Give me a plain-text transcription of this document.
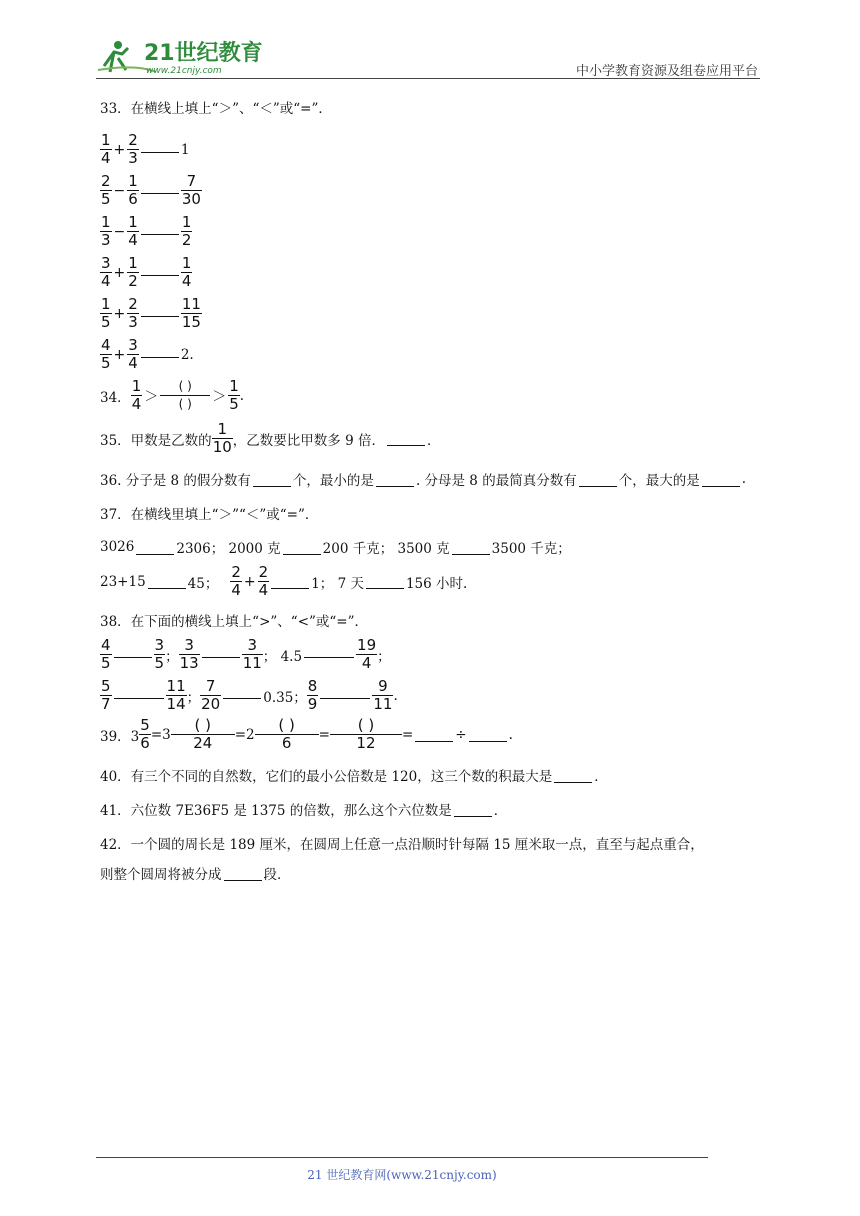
21世纪教育
www.21cnjy.com	中小学教育资源及组卷应用平台
33．在横线上填上“＞”、“＜”或“=”．
$\frac{1}{4} + \frac{2}{3}$	1
$\frac{2}{5} - \frac{1}{6}$	$\frac{7}{30}$
$\frac{1}{3} - \frac{1}{4}$	$\frac{1}{2}$
$\frac{3}{4} + \frac{1}{2}$	$\frac{1}{4}$
$\frac{1}{5} + \frac{2}{3}$	$\frac{11}{15}$
$\frac{4}{5} + \frac{3}{4}$	2.
34． $\frac{1}{4} > \frac{( )}{( )} > \frac{1}{5}$ .
35．甲数是乙数的 $\frac{1}{10}$ ，乙数要比甲数多 9 倍．	．
36. 分子是 8 的假分数有	个，最小的是	. 分母是 8 的最简真分数有	个，最大的是	.
37．在横线里填上“＞”“＜”或“=”．
3026	2306； 2000 克	200 千克； 3500 克	3500 千克；
23+15	45； $\frac{2}{4} + \frac{2}{4}$	1； 7 天	156 小时.
38．在下面的横线上填上“>”、“<”或“=”．
$\frac{4}{5}$	$\frac{3}{5}$ ； $\frac{3}{13}$	$\frac{3}{11}$ ； 4.5	$\frac{19}{4}$ ；
$\frac{5}{7}$	$\frac{11}{14}$ ； $\frac{7}{20}$	0.35； $\frac{8}{9}$	$\frac{9}{11}$ .
39．$3 \frac{5}{6} =3 \frac{( )}{24} =2 \frac{( )}{6} = \frac{( )}{12}$ =	÷	.
40．有三个不同的自然数，它们的最小公倍数是 120，这三个数的积最大是	．
41．六位数 7E36F5 是 1375 的倍数，那么这个六位数是	．
42．一个圆的周长是 189 厘米，在圆周上任意一点沿顺时针每隔 15 厘米取一点，直至与起点重合，
则整个圆周将被分成	段．
21 世纪教育网(www.21cnjy.com)
